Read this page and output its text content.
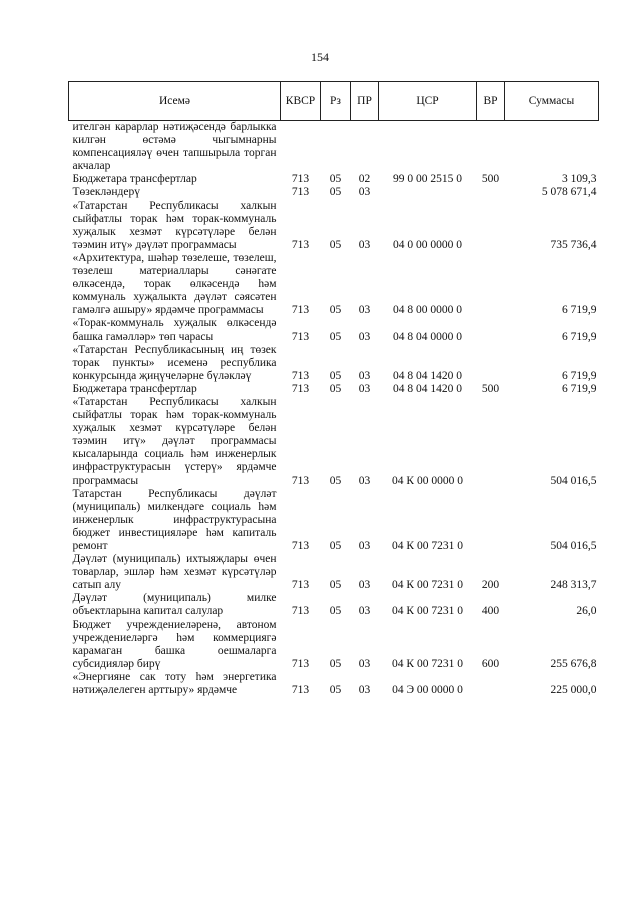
154
Исемә	КВСР	Рз	ПР	ЦСР	ВР	Суммасы
ителгән карарлар нәтиҗәсендә барлыкка килгән өстәмә чыгымнарны компенсацияләү өчен тапшырыла торган акчалар						
Бюджетара трансфертлар	713	05	02	99 0 00 2515 0	500	3 109,3
Төзекләндерү	713	05	03			5 078 671,4
«Татарстан Республикасы халкын сыйфатлы торак һәм торак-коммуналь хуҗалык хезмәт күрсәтүләре белән тәэмин итү» дәүләт программасы	713	05	03	04 0 00 0000 0		735 736,4
«Архитектура, шәһәр төзелеше, төзелеш, төзелеш материаллары сәнәгате өлкәсендә, торак өлкәсендә һәм коммуналь хуҗалыкта дәүләт сәясәтен гамәлгә ашыру» ярдәмче программасы	713	05	03	04 8 00 0000 0		6 719,9
«Торак-коммуналь хуҗалык өлкәсендә башка гамәлләр» төп чарасы	713	05	03	04 8 04 0000 0		6 719,9
«Татарстан Республикасының иң төзек торак пункты» исеменә республика конкурсында җиңүчеләрне бүләкләү	713	05	03	04 8 04 1420 0		6 719,9
Бюджетара трансфертлар	713	05	03	04 8 04 1420 0	500	6 719,9
«Татарстан Республикасы халкын сыйфатлы торак һәм торак-коммуналь хуҗалык хезмәт күрсәтүләре белән тәэмин итү» дәүләт программасы кысаларында социаль һәм инженерлык инфраструктурасын үстерү» ярдәмче программасы	713	05	03	04 К 00 0000 0		504 016,5
Татарстан Республикасы дәүләт (муниципаль) милкендәге социаль һәм инженерлык инфраструктурасына бюджет инвестицияләре һәм капиталь ремонт	713	05	03	04 К 00 7231 0		504 016,5
Дәүләт (муниципаль) ихтыяҗлары өчен товарлар, эшләр һәм хезмәт күрсәтүләр сатып алу	713	05	03	04 К 00 7231 0	200	248 313,7
Дәүләт (муниципаль) милке объектларына капитал салулар	713	05	03	04 К 00 7231 0	400	26,0
Бюджет учреждениеләренә, автоном учреждениеләргә һәм коммерциягә карамаган башка оешмаларга субсидияләр бирү	713	05	03	04 К 00 7231 0	600	255 676,8
«Энергияне сак тоту һәм энергетика нәтиҗәлелеген арттыру» ярдәмче	713	05	03	04 Э 00 0000 0		225 000,0
